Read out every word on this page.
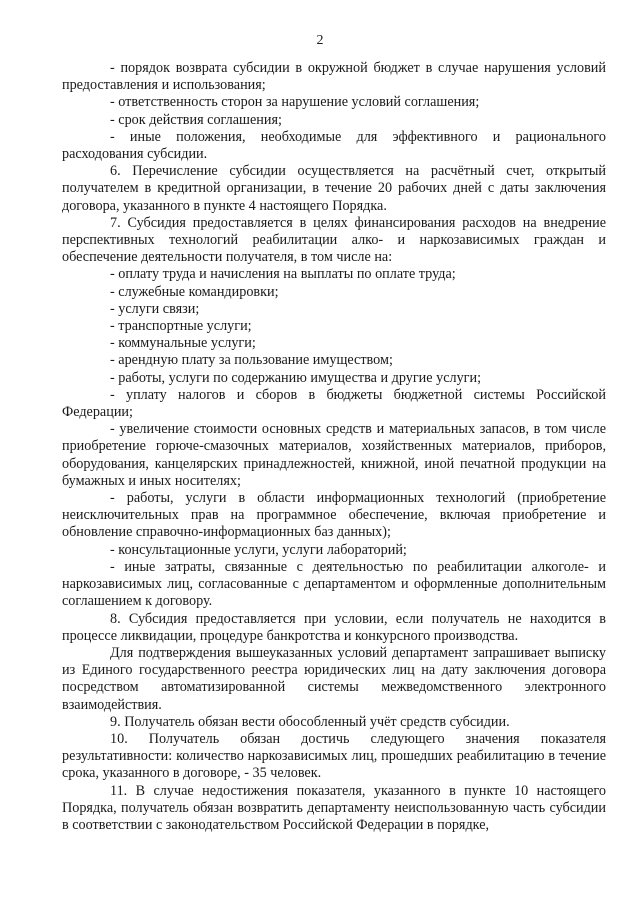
2

- порядок возврата субсидии в окружной бюджет в случае нарушения условий предоставления и использования;

- ответственность сторон за нарушение условий соглашения;

- срок действия соглашения;

- иные положения, необходимые для эффективного и рационального расходования субсидии.

6. Перечисление субсидии осуществляется на расчётный счет, открытый получателем в кредитной организации, в течение 20 рабочих дней с даты заключения договора, указанного в пункте 4 настоящего Порядка.

7. Субсидия предоставляется в целях финансирования расходов на внедрение перспективных технологий реабилитации алко- и наркозависимых граждан и обеспечение деятельности получателя, в том числе на:

- оплату труда и начисления на выплаты по оплате труда;

- служебные командировки;

- услуги связи;

- транспортные услуги;

- коммунальные услуги;

- арендную плату за пользование имуществом;

- работы, услуги по содержанию имущества и другие услуги;

- уплату налогов и сборов в бюджеты бюджетной системы Российской Федерации;

- увеличение стоимости основных средств и материальных запасов, в том числе приобретение горюче-смазочных материалов, хозяйственных материалов, приборов, оборудования, канцелярских принадлежностей, книжной, иной печатной продукции на бумажных и иных носителях;

- работы, услуги в области информационных технологий (приобретение неисключительных прав на программное обеспечение, включая приобретение и обновление справочно-информационных баз данных);

- консультационные услуги, услуги лабораторий;

- иные затраты, связанные с деятельностью по реабилитации алкоголе- и наркозависимых лиц, согласованные с департаментом и оформленные дополнительным соглашением к договору.

8. Субсидия предоставляется при условии, если получатель не находится в процессе ликвидации, процедуре банкротства и конкурсного производства.

Для подтверждения вышеуказанных условий департамент запрашивает выписку из Единого государственного реестра юридических лиц на дату заключения договора посредством автоматизированной системы межведомственного электронного взаимодействия.

9. Получатель обязан вести обособленный учёт средств субсидии.

10. Получатель обязан достичь следующего значения показателя результативности: количество наркозависимых лиц, прошедших реабилитацию в течение срока, указанного в договоре, - 35 человек.

11. В случае недостижения показателя, указанного в пункте 10 настоящего Порядка, получатель обязан возвратить департаменту неиспользованную часть субсидии в соответствии с законодательством Российской Федерации в порядке,
